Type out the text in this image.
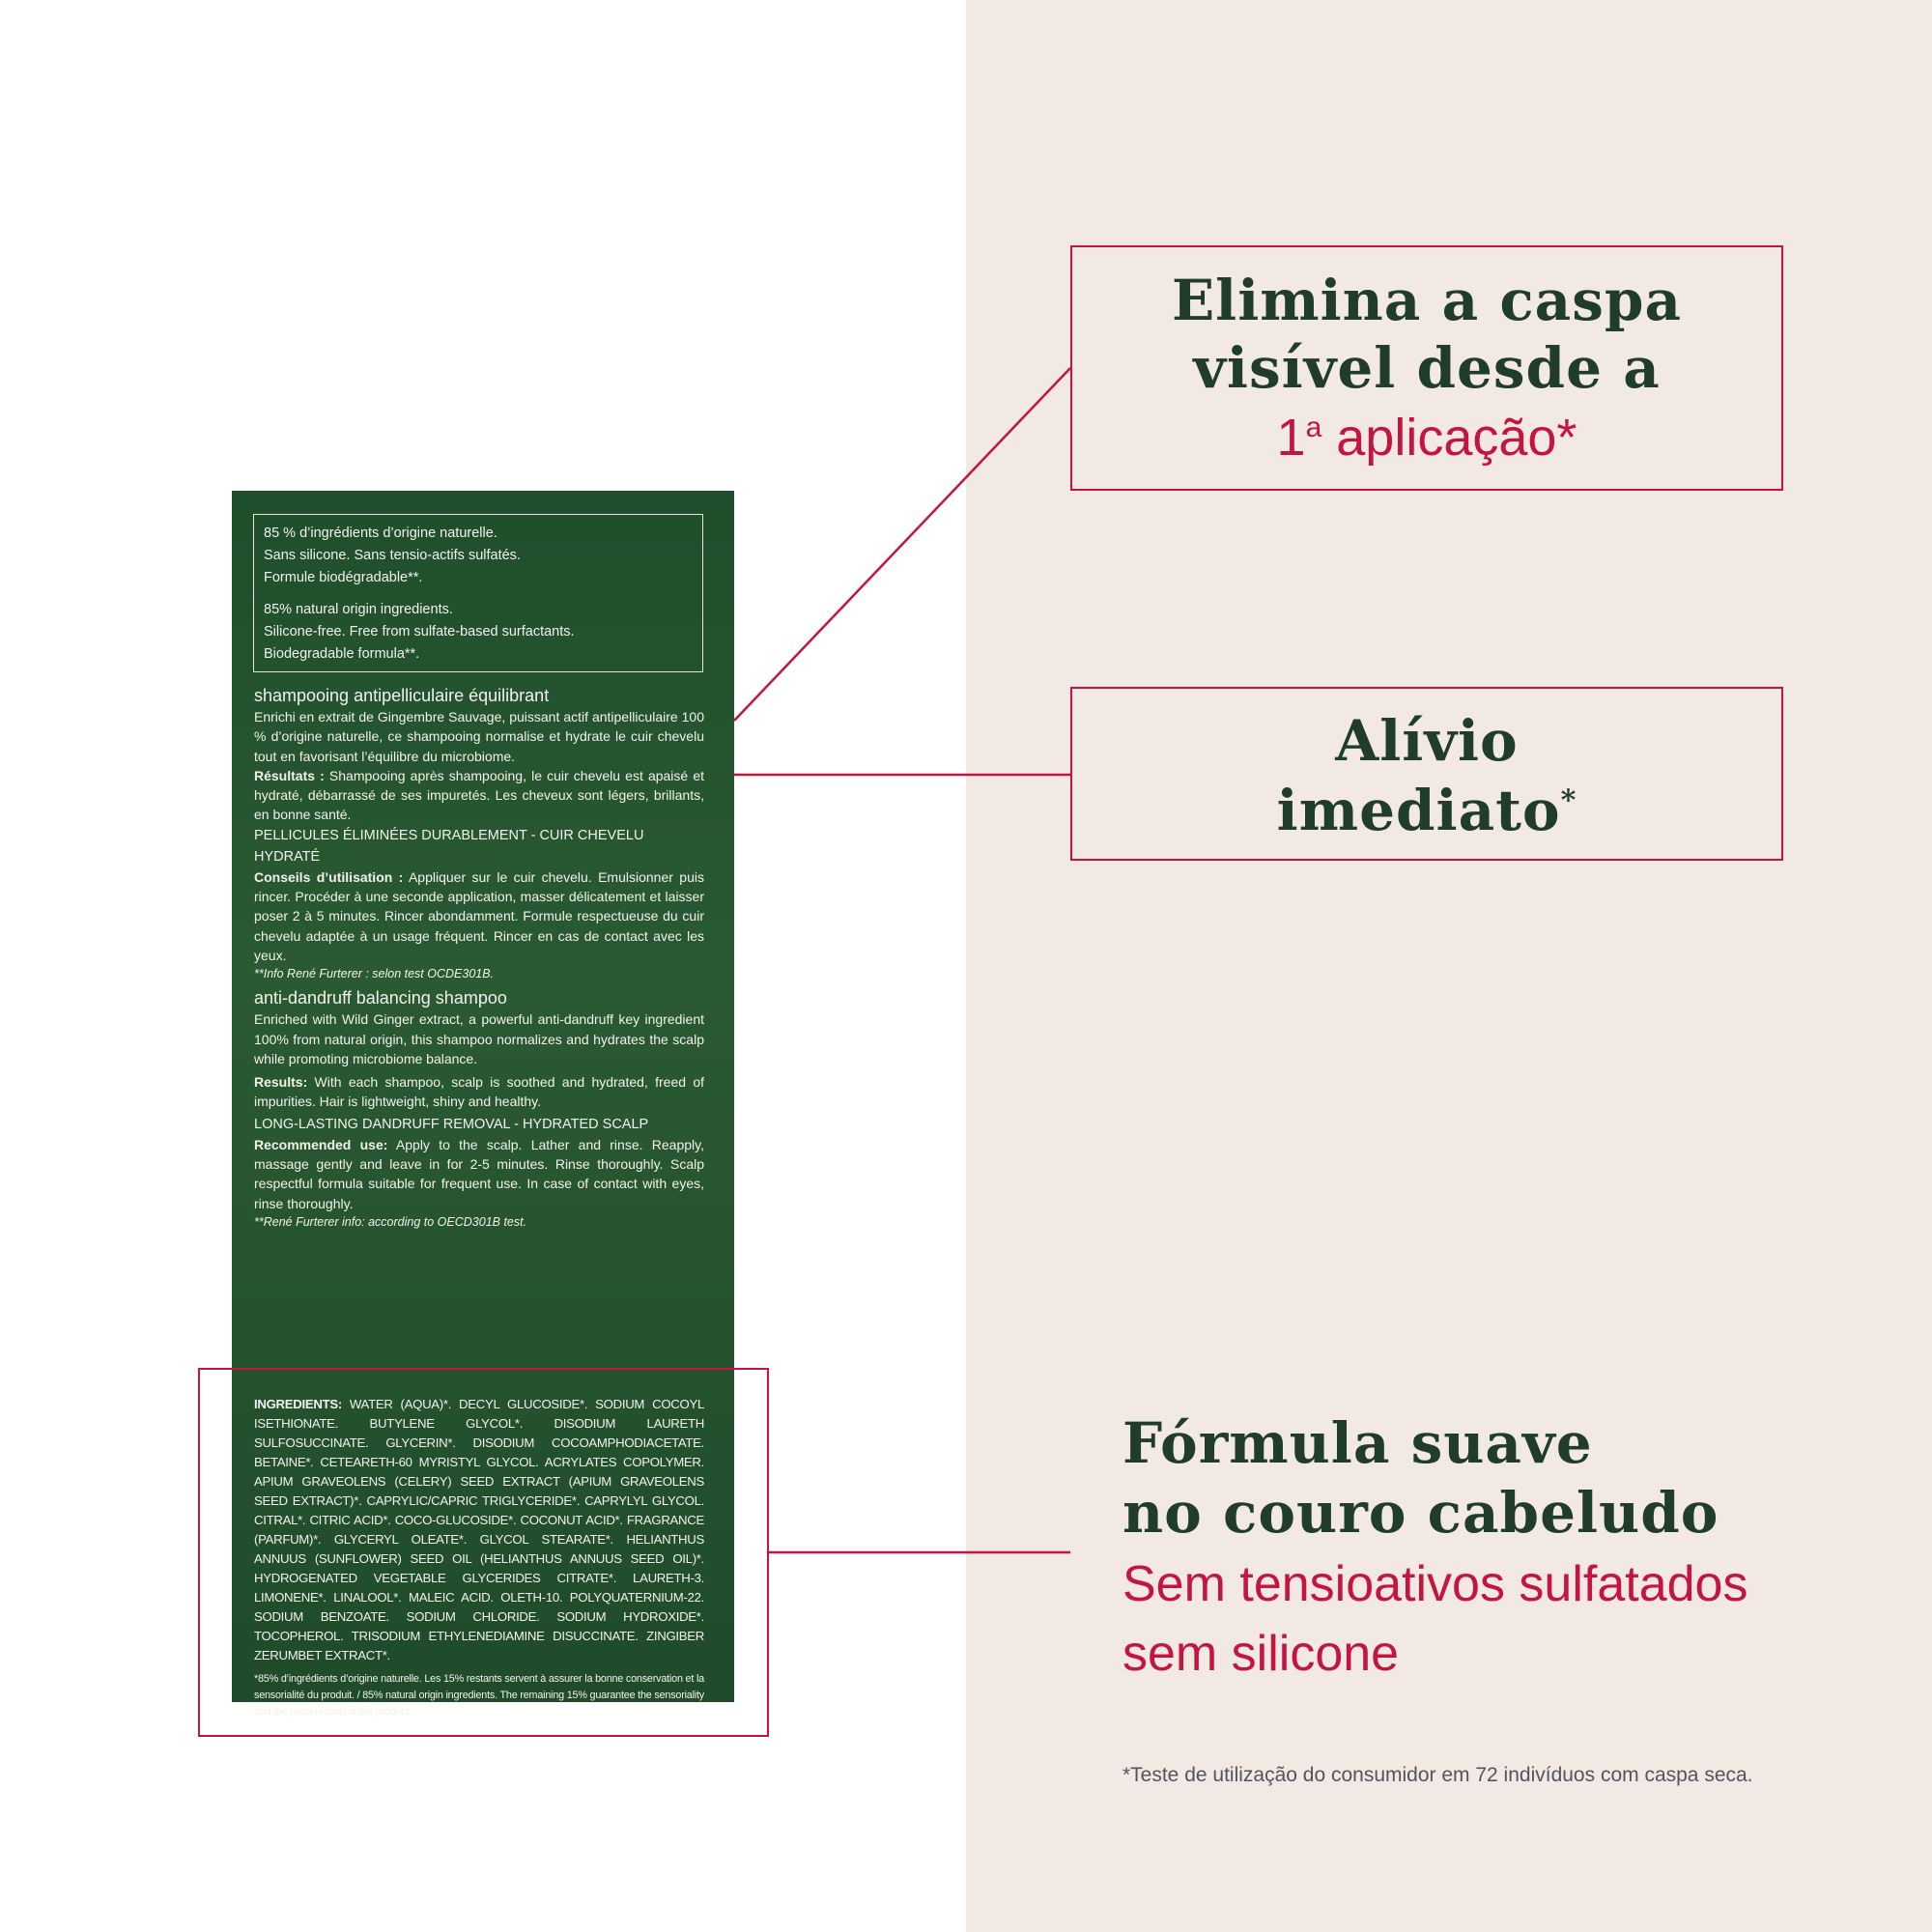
85 % d’ingrédients d’origine naturelle.
Sans silicone. Sans tensio-actifs sulfatés.
Formule biodégradable**.
85% natural origin ingredients.
Silicone-free. Free from sulfate-based surfactants.
Biodegradable formula**.

shampooing antipelliculaire équilibrant

Enrichi en extrait de Gingembre Sauvage, puissant actif antipelliculaire 100 % d’origine naturelle, ce shampooing normalise et hydrate le cuir chevelu tout en favorisant l’équilibre du microbiome.

Résultats : Shampooing après shampooing, le cuir chevelu est apaisé et hydraté, débarrassé de ses impuretés. Les cheveux sont légers, brillants, en bonne santé.

PELLICULES ÉLIMINÉES DURABLEMENT - CUIR CHEVELU HYDRATÉ

Conseils d’utilisation : Appliquer sur le cuir chevelu. Emulsionner puis rincer. Procéder à une seconde application, masser délicatement et laisser poser 2 à 5 minutes. Rincer abondamment. Formule respectueuse du cuir chevelu adaptée à un usage fréquent. Rincer en cas de contact avec les yeux.

**Info René Furterer : selon test OCDE301B.

anti-dandruff balancing shampoo

Enriched with Wild Ginger extract, a powerful anti-dandruff key ingredient 100% from natural origin, this shampoo normalizes and hydrates the scalp while promoting microbiome balance.

Results: With each shampoo, scalp is soothed and hydrated, freed of impurities. Hair is lightweight, shiny and healthy.

LONG-LASTING DANDRUFF REMOVAL - HYDRATED SCALP

Recommended use: Apply to the scalp. Lather and rinse. Reapply, massage gently and leave in for 2-5 minutes. Rinse thoroughly. Scalp respectful formula suitable for frequent use. In case of contact with eyes, rinse thoroughly.

**René Furterer info: according to OECD301B test.

INGREDIENTS: WATER (AQUA)*. DECYL GLUCOSIDE*. SODIUM COCOYL ISETHIONATE. BUTYLENE GLYCOL*. DISODIUM LAURETH SULFOSUCCINATE. GLYCERIN*. DISODIUM COCOAMPHODIACETATE. BETAINE*. CETEARETH-60 MYRISTYL GLYCOL. ACRYLATES COPOLYMER. APIUM GRAVEOLENS (CELERY) SEED EXTRACT (APIUM GRAVEOLENS SEED EXTRACT)*. CAPRYLIC/CAPRIC TRIGLYCERIDE*. CAPRYLYL GLYCOL. CITRAL*. CITRIC ACID*. COCO-GLUCOSIDE*. COCONUT ACID*. FRAGRANCE (PARFUM)*. GLYCERYL OLEATE*. GLYCOL STEARATE*. HELIANTHUS ANNUUS (SUNFLOWER) SEED OIL (HELIANTHUS ANNUUS SEED OIL)*. HYDROGENATED VEGETABLE GLYCERIDES CITRATE*. LAURETH-3. LIMONENE*. LINALOOL*. MALEIC ACID. OLETH-10. POLYQUATERNIUM-22. SODIUM BENZOATE. SODIUM CHLORIDE. SODIUM HYDROXIDE*. TOCOPHEROL. TRISODIUM ETHYLENEDIAMINE DISUCCINATE. ZINGIBER ZERUMBET EXTRACT*.

*85% d’ingrédients d’origine naturelle. Les 15% restants servent à assurer la bonne conservation et la sensorialité du produit. / 85% natural origin ingredients. The remaining 15% guarantee the sensoriality and the preservation of the product.

Elimina a caspa
visível desde a
1$^a$ aplicação*
Alívio
imediato*
Fórmula suave
no couro cabeludo
Sem tensioativos sulfatados
sem silicone
*Teste de utilização do consumidor em 72 indivíduos com caspa seca.
